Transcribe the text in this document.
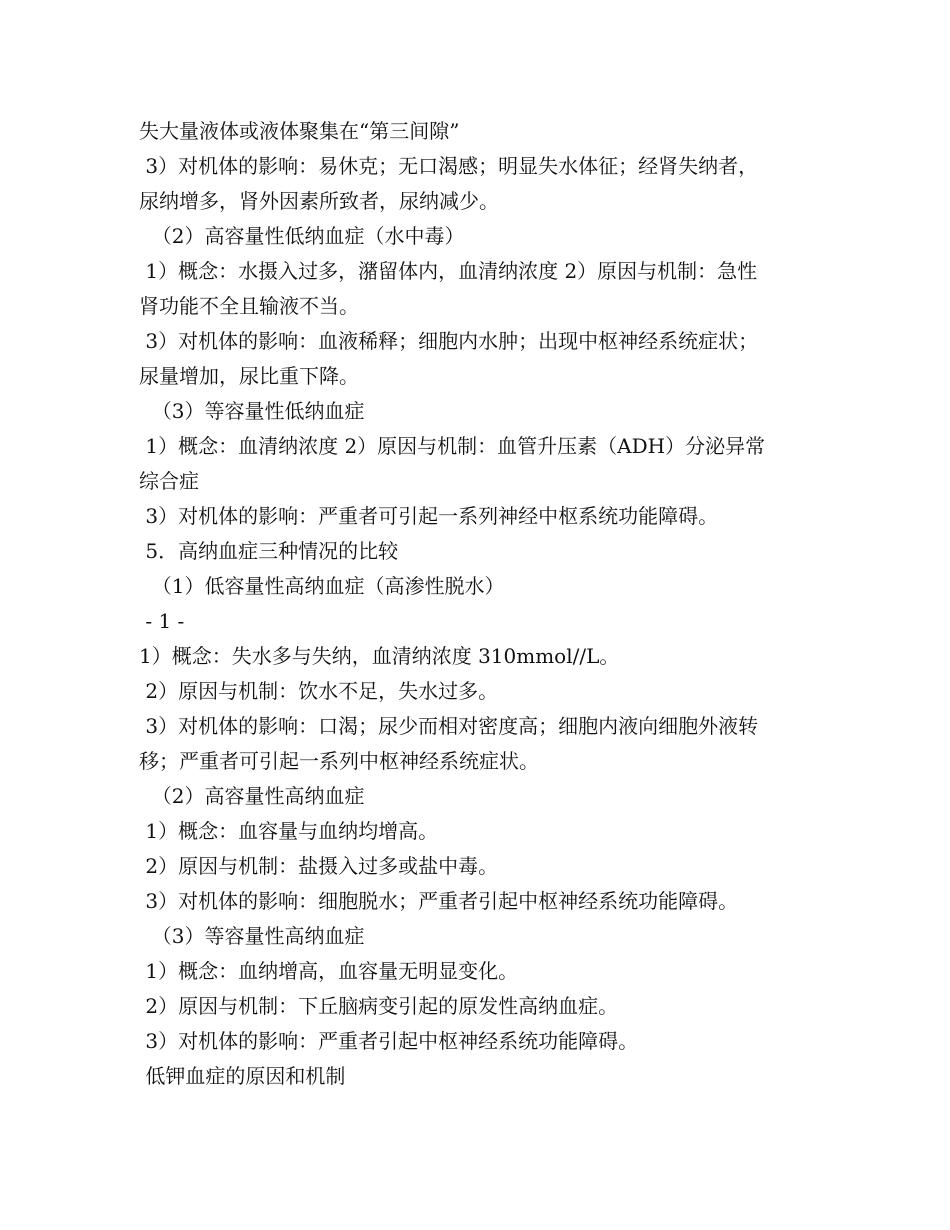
失大量液体或液体聚集在“第三间隙”
3）对机体的影响：易休克；无口渴感；明显失水体征；经肾失纳者，
尿纳增多，肾外因素所致者，尿纳减少。
（2）高容量性低纳血症（水中毒）
1）概念：水摄入过多，潴留体内，血清纳浓度 2）原因与机制：急性
肾功能不全且输液不当。
3）对机体的影响：血液稀释；细胞内水肿；出现中枢神经系统症状；
尿量增加，尿比重下降。
（3）等容量性低纳血症
1）概念：血清纳浓度 2）原因与机制：血管升压素（ADH）分泌异常
综合症
3）对机体的影响：严重者可引起一系列神经中枢系统功能障碍。
5．高纳血症三种情况的比较
（1）低容量性高纳血症（高渗性脱水）
- 1 -
1）概念：失水多与失纳，血清纳浓度 310mmol//L。
2）原因与机制：饮水不足，失水过多。
3）对机体的影响：口渴；尿少而相对密度高；细胞内液向细胞外液转
移；严重者可引起一系列中枢神经系统症状。
（2）高容量性高纳血症
1）概念：血容量与血纳均增高。
2）原因与机制：盐摄入过多或盐中毒。
3）对机体的影响：细胞脱水；严重者引起中枢神经系统功能障碍。
（3）等容量性高纳血症
1）概念：血纳增高，血容量无明显变化。
2）原因与机制：下丘脑病变引起的原发性高纳血症。
3）对机体的影响：严重者引起中枢神经系统功能障碍。
低钾血症的原因和机制
